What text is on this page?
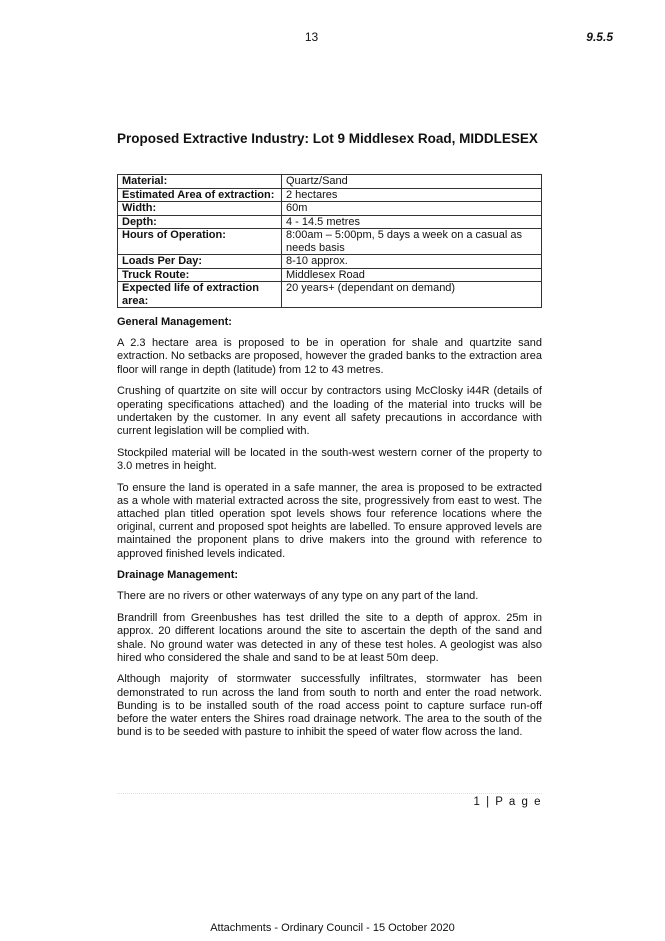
13	9.5.5
Proposed Extractive Industry: Lot 9 Middlesex Road, MIDDLESEX
Material:	Quartz/Sand
Estimated Area of extraction:	2 hectares
Width:	60m
Depth:	4 - 14.5 metres
Hours of Operation:	8:00am – 5:00pm, 5 days a week on a casual as needs basis
Loads Per Day:	8-10 approx.
Truck Route:	Middlesex Road
Expected life of extraction area:	20 years+ (dependant on demand)
General Management:

A 2.3 hectare area is proposed to be in operation for shale and quartzite sand extraction. No setbacks are proposed, however the graded banks to the extraction area floor will range in depth (latitude) from 12 to 43 metres.

Crushing of quartzite on site will occur by contractors using McClosky i44R (details of operating specifications attached) and the loading of the material into trucks will be undertaken by the customer. In any event all safety precautions in accordance with current legislation will be complied with.

Stockpiled material will be located in the south-west western corner of the property to 3.0 metres in height.

To ensure the land is operated in a safe manner, the area is proposed to be extracted as a whole with material extracted across the site, progressively from east to west. The attached plan titled operation spot levels shows four reference locations where the original, current and proposed spot heights are labelled. To ensure approved levels are maintained the proponent plans to drive makers into the ground with reference to approved finished levels indicated.

Drainage Management:

There are no rivers or other waterways of any type on any part of the land.

Brandrill from Greenbushes has test drilled the site to a depth of approx. 25m in approx. 20 different locations around the site to ascertain the depth of the sand and shale. No ground water was detected in any of these test holes. A geologist was also hired who considered the shale and sand to be at least 50m deep.

Although majority of stormwater successfully infiltrates, stormwater has been demonstrated to run across the land from south to north and enter the road network. Bunding is to be installed south of the road access point to capture surface run-off before the water enters the Shires road drainage network. The area to the south of the bund is to be seeded with pasture to inhibit the speed of water flow across the land.

1 | P a g e
Attachments - Ordinary Council - 15 October 2020
